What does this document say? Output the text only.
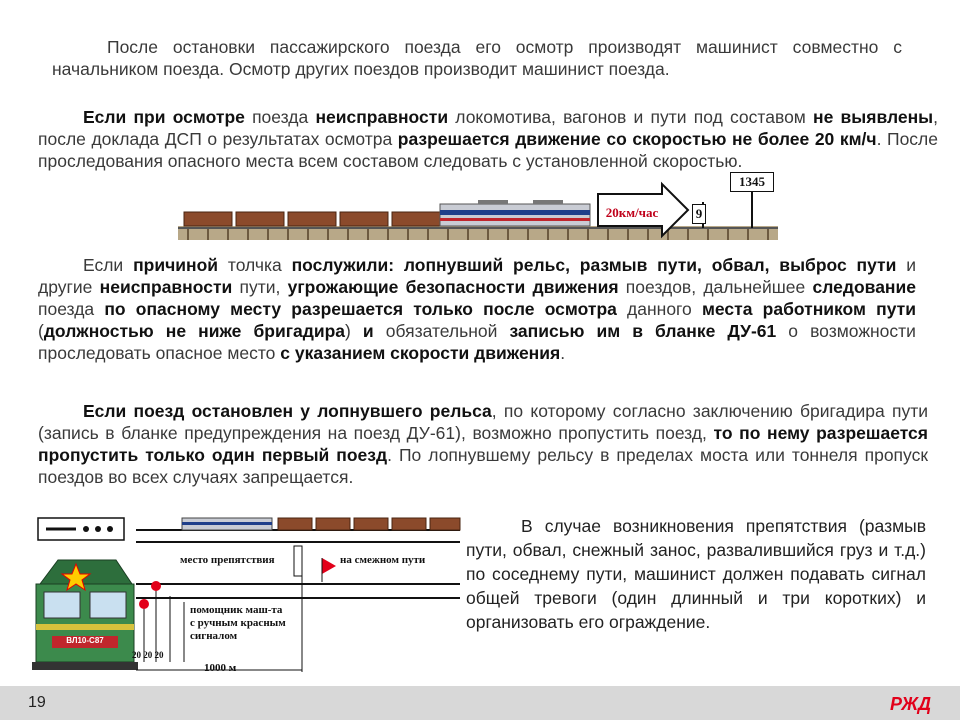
После остановки пассажирского поезда его осмотр производят машинист совместно с начальником поезда. Осмотр других поездов производит машинист поезда.
Если при осмотре поезда неисправности локомотива, вагонов и пути под составом не выявлены, после доклада ДСП о результатах осмотра разрешается движение со скоростью не более 20 км/ч. После проследования опасного места всем составом следовать с установленной скоростью.
20км/час	9
1345
Если причиной толчка послужили: лопнувший рельс, размыв пути, обвал, выброс пути и другие неисправности пути, угрожающие безопасности движения поездов, дальнейшее следование поезда по опасному месту разрешается только после осмотра данного места работником пути (должностью не ниже бригадира) и обязательной записью им в бланке ДУ-61 о возможности проследовать опасное место с указанием скорости движения.
Если поезд остановлен у лопнувшего рельса, по которому согласно заключению бригадира пути (запись в бланке предупреждения на поезд ДУ-61), возможно пропустить поезд, то по нему разрешается пропустить только один первый поезд. По лопнувшему рельсу в пределах моста или тоннеля пропуск поездов во всех случаях запрещается.
место препятствия	на смежном пути
помощник маш-та с ручным красным сигналом
20 20 20
1000 м
ВЛ10-С87
В случае возникновения препятствия (размыв пути, обвал, снежный занос, развалившийся груз и т.д.) по соседнему пути, машинист должен подавать сигнал общей тревоги (один длинный и три коротких) и организовать его ограждение.
19	РЖД
